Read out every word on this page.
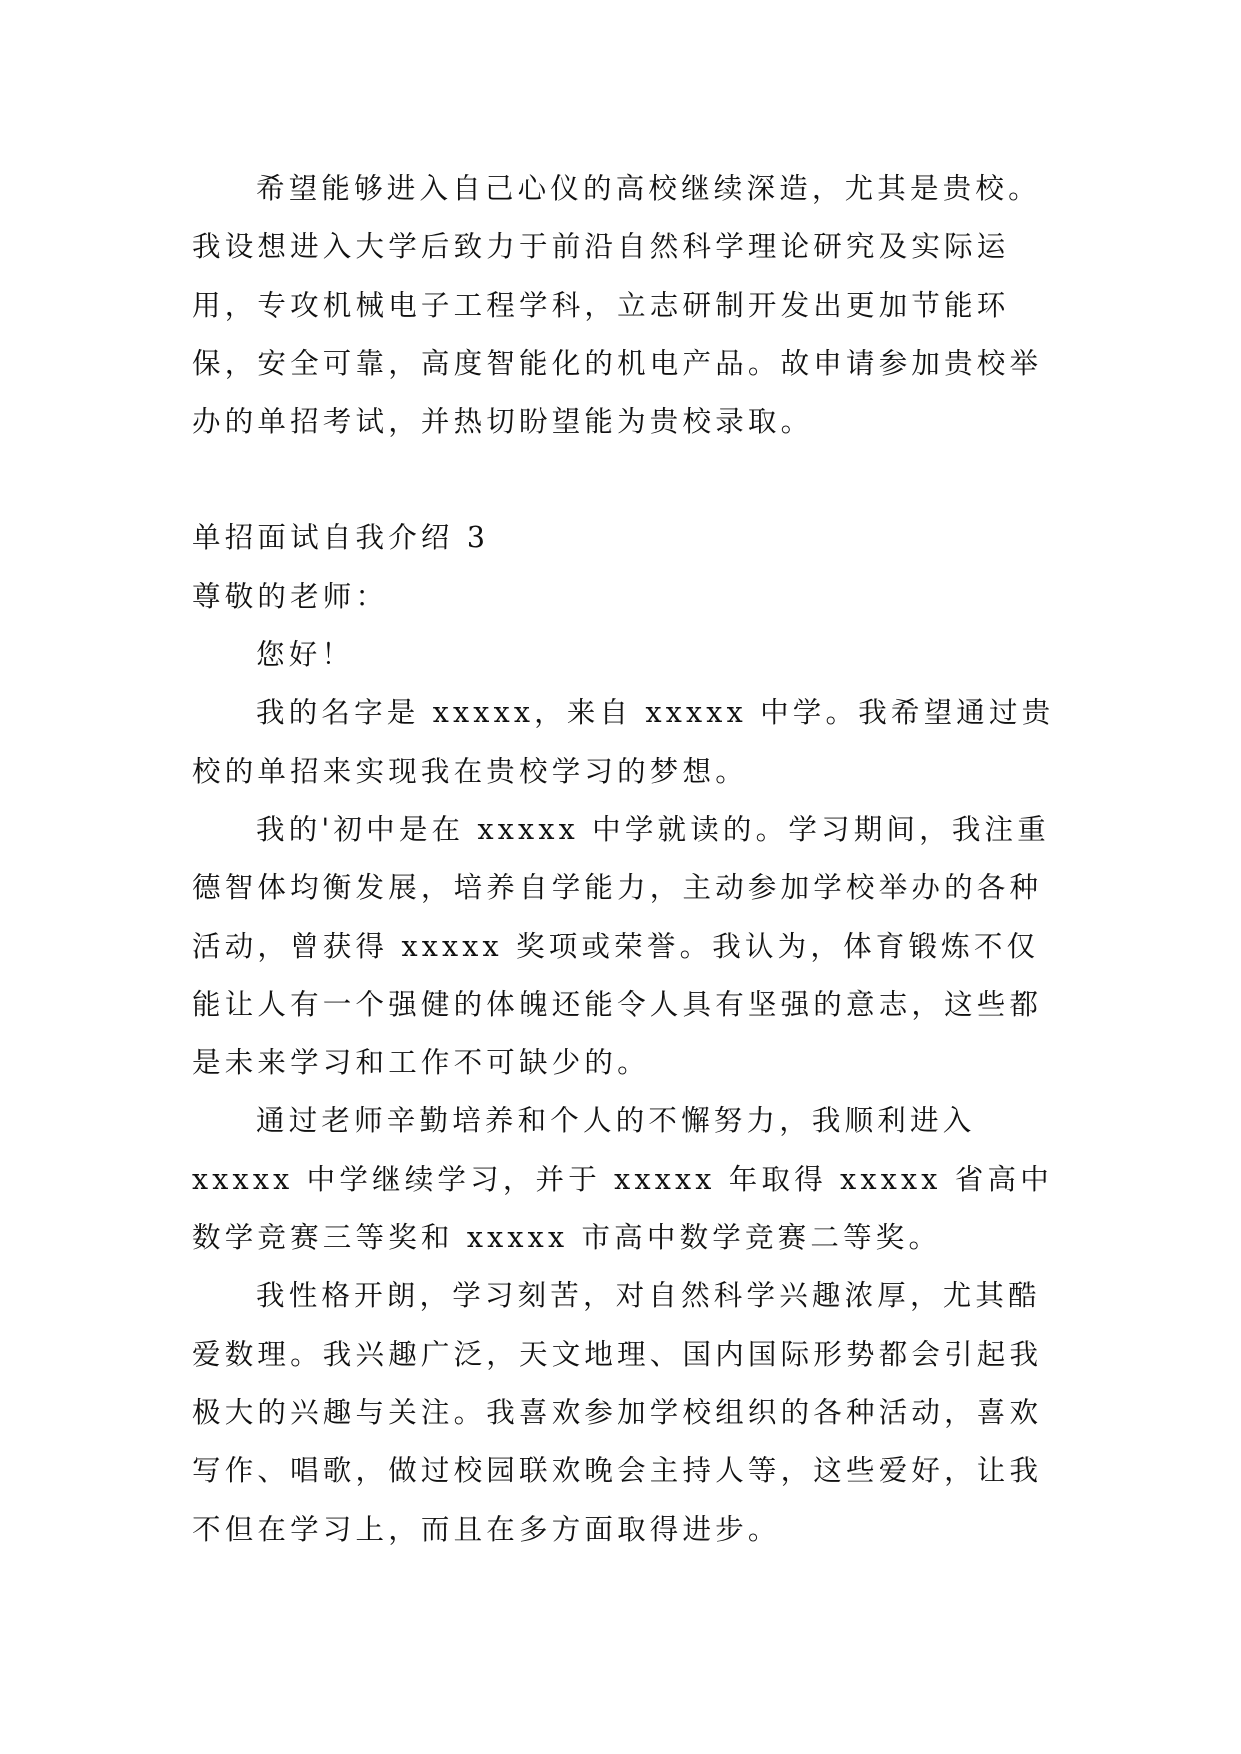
希望能够进入自己心仪的高校继续深造，尤其是贵校。我设想进入大学后致力于前沿自然科学理论研究及实际运用，专攻机械电子工程学科，立志研制开发出更加节能环保，安全可靠，高度智能化的机电产品。故申请参加贵校举办的单招考试，并热切盼望能为贵校录取。

单招面试自我介绍 3

尊敬的老师：

您好！

我的名字是 xxxxx，来自 xxxxx 中学。我希望通过贵校的单招来实现我在贵校学习的梦想。

我的'初中是在 xxxxx 中学就读的。学习期间，我注重德智体均衡发展，培养自学能力，主动参加学校举办的各种活动，曾获得 xxxxx 奖项或荣誉。我认为，体育锻炼不仅能让人有一个强健的体魄还能令人具有坚强的意志，这些都是未来学习和工作不可缺少的。

通过老师辛勤培养和个人的不懈努力，我顺利进入 xxxxx 中学继续学习，并于 xxxxx 年取得 xxxxx 省高中数学竞赛三等奖和 xxxxx 市高中数学竞赛二等奖。

我性格开朗，学习刻苦，对自然科学兴趣浓厚，尤其酷爱数理。我兴趣广泛，天文地理、国内国际形势都会引起我极大的兴趣与关注。我喜欢参加学校组织的各种活动，喜欢写作、唱歌，做过校园联欢晚会主持人等，这些爱好，让我不但在学习上，而且在多方面取得进步。
